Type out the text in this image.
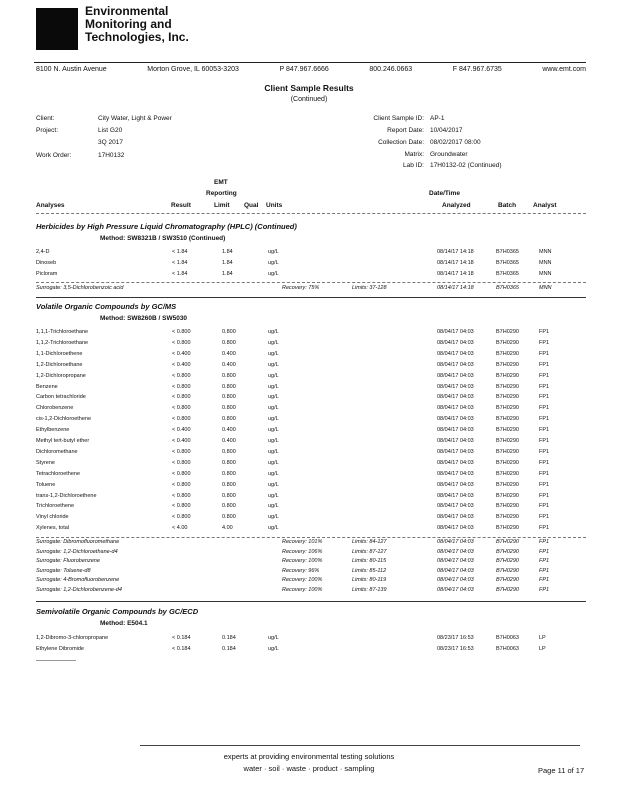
Environmental
Monitoring and
Technologies, Inc.
8100 N. Austin Avenue	Morton Grove, IL 60053-3203	P 847.967.6666	800.246.0663	F 847.967.6735	www.emt.com
Client Sample Results
(Continued)
Client:	City Water, Light & Power
Project:	List G20
3Q 2017
Work Order:	17H0132
Client Sample ID: AP-1
Report Date: 10/04/2017
Collection Date: 08/02/2017 08:00
Matrix: Groundwater
Lab ID: 17H0132-02 (Continued)
EMT
Reporting	Date/Time
Analyses	Result	Limit Qual Units	Analyzed	Batch	Analyst
Herbicides by High Pressure Liquid Chromatography (HPLC) (Continued)
Method: SW8321B / SW3510 (Continued)
2,4-D	< 1.84	1.84	ug/L	08/14/17 14:18	B7H0365	MNN
Dinoseb	< 1.84	1.84	ug/L	08/14/17 14:18	B7H0365	MNN
Picloram	< 1.84	1.84	ug/L	08/14/17 14:18	B7H0365	MNN
Surrogate: 3,5-Dichlorobenzoic acid	Recovery: 75%	Limits: 37-128	08/14/17 14:18	B7H0365	MNN
Volatile Organic Compounds by GC/MS
Method: SW8260B / SW5030
1,1,1-Trichloroethane	< 0.800	0.800	ug/L	08/04/17 04:03	B7H0290	FP1
1,1,2-Trichloroethane	< 0.800	0.800	ug/L	08/04/17 04:03	B7H0290	FP1
1,1-Dichloroethene	< 0.400	0.400	ug/L	08/04/17 04:03	B7H0290	FP1
1,2-Dichloroethane	< 0.400	0.400	ug/L	08/04/17 04:03	B7H0290	FP1
1,2-Dichloropropane	< 0.800	0.800	ug/L	08/04/17 04:03	B7H0290	FP1
Benzene	< 0.800	0.800	ug/L	08/04/17 04:03	B7H0290	FP1
Carbon tetrachloride	< 0.800	0.800	ug/L	08/04/17 04:03	B7H0290	FP1
Chlorobenzene	< 0.800	0.800	ug/L	08/04/17 04:03	B7H0290	FP1
cis-1,2-Dichloroethene	< 0.800	0.800	ug/L	08/04/17 04:03	B7H0290	FP1
Ethylbenzene	< 0.400	0.400	ug/L	08/04/17 04:03	B7H0290	FP1
Methyl tert-butyl ether	< 0.400	0.400	ug/L	08/04/17 04:03	B7H0290	FP1
Dichloromethane	< 0.800	0.800	ug/L	08/04/17 04:03	B7H0290	FP1
Styrene	< 0.800	0.800	ug/L	08/04/17 04:03	B7H0290	FP1
Tetrachloroethene	< 0.800	0.800	ug/L	08/04/17 04:03	B7H0290	FP1
Toluene	< 0.800	0.800	ug/L	08/04/17 04:03	B7H0290	FP1
trans-1,2-Dichloroethene	< 0.800	0.800	ug/L	08/04/17 04:03	B7H0290	FP1
Trichloroethene	< 0.800	0.800	ug/L	08/04/17 04:03	B7H0290	FP1
Vinyl chloride	< 0.800	0.800	ug/L	08/04/17 04:03	B7H0290	FP1
Xylenes, total	< 4.00	4.00	ug/L	08/04/17 04:03	B7H0290	FP1
Surrogate: Dibromofluoromethane	Recovery: 101%	Limits: 84-127	08/04/17 04:03	B7H0290	FP1
Surrogate: 1,2-Dichloroethane-d4	Recovery: 106%	Limits: 87-127	08/04/17 04:03	B7H0290	FP1
Surrogate: Fluorobenzene	Recovery: 100%	Limits: 80-115	08/04/17 04:03	B7H0290	FP1
Surrogate: Toluene-d8	Recovery: 96%	Limits: 85-112	08/04/17 04:03	B7H0290	FP1
Surrogate: 4-Bromofluorobenzene	Recovery: 100%	Limits: 80-119	08/04/17 04:03	B7H0290	FP1
Surrogate: 1,2-Dichlorobenzene-d4	Recovery: 100%	Limits: 87-139	08/04/17 04:03	B7H0290	FP1
Semivolatile Organic Compounds by GC/ECD
Method: E504.1
1,2-Dibromo-3-chloropropane	< 0.184	0.184	ug/L	08/23/17 16:53	B7H0063	LP
Ethylene Dibromide	< 0.184	0.184	ug/L	08/23/17 16:53	B7H0063	LP
experts at providing environmental testing solutions
water · soil · waste · product · sampling	Page 11 of 17
